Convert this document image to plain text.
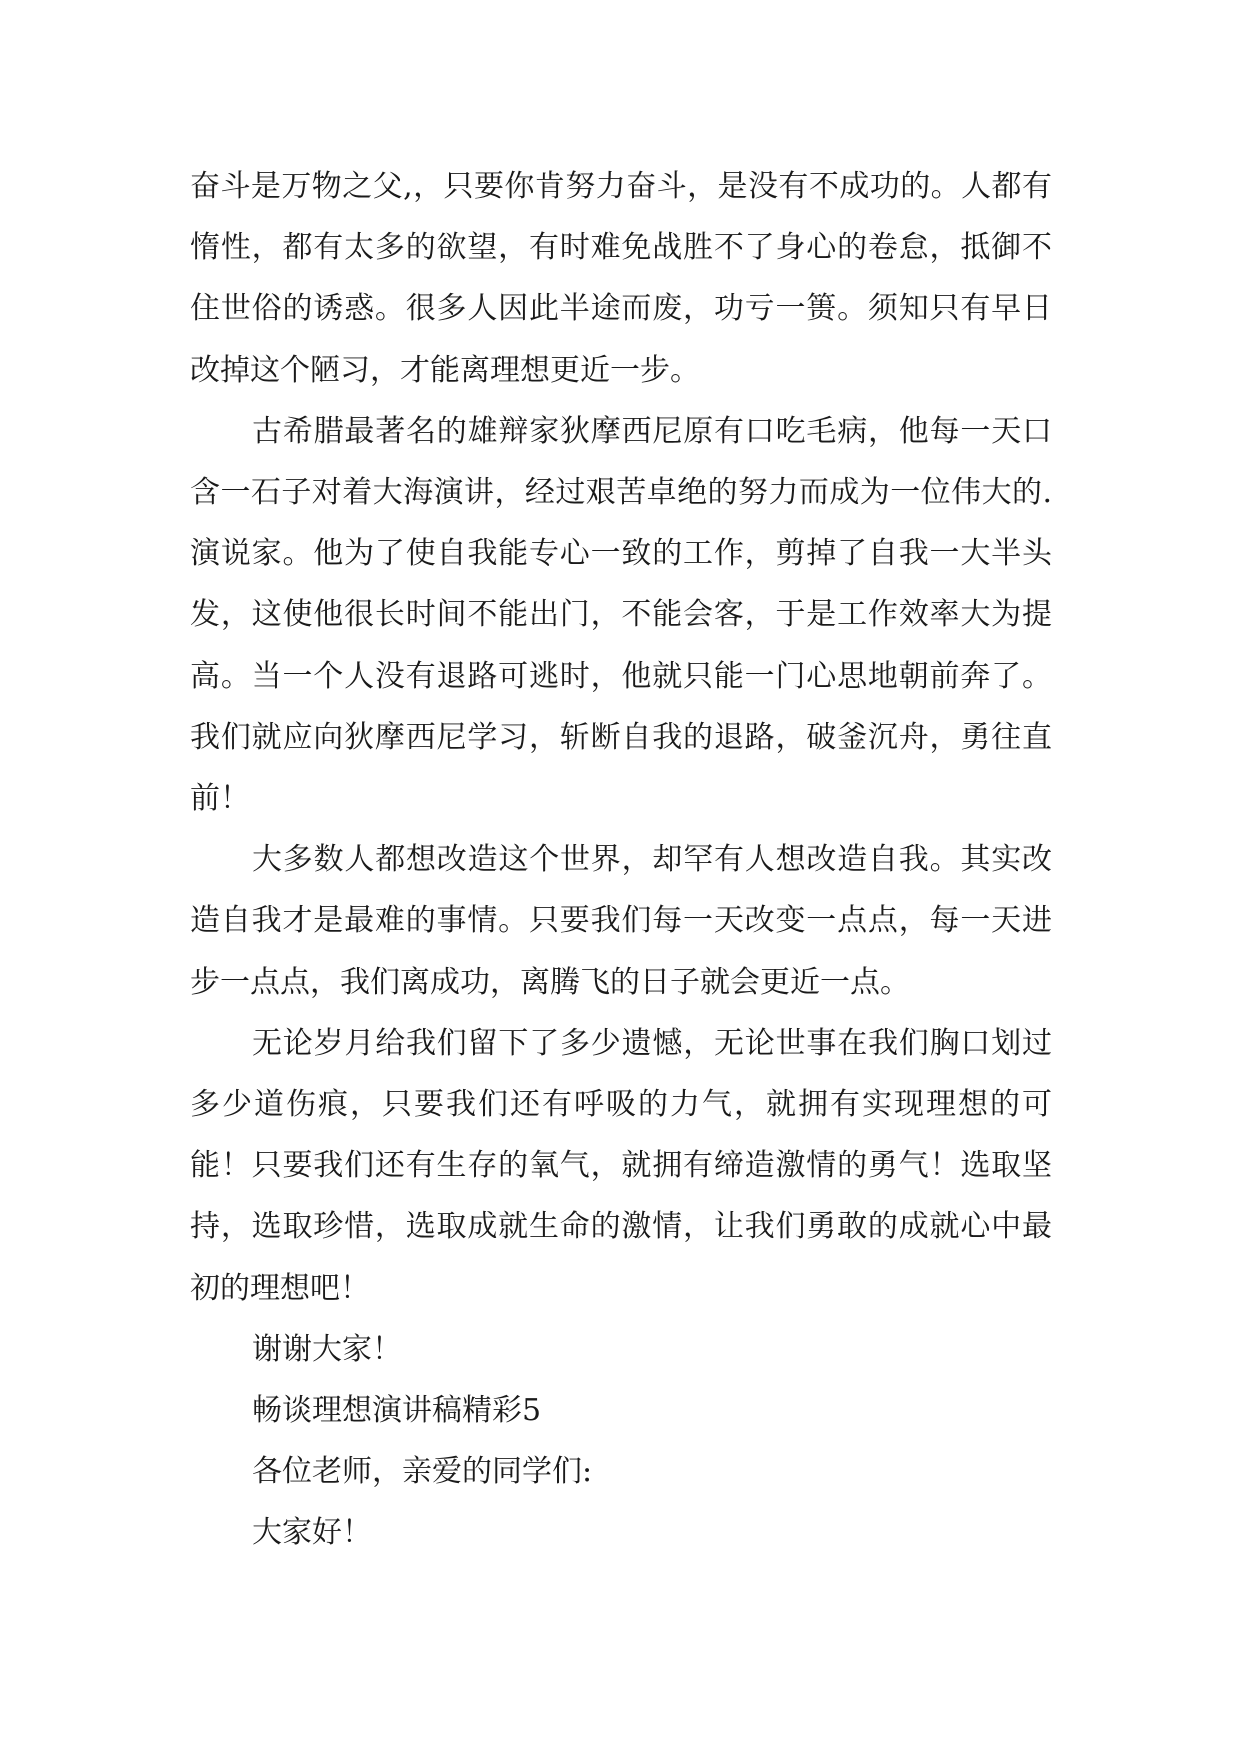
奋斗是万物之父,，只要你肯努力奋斗，是没有不成功的。人都有惰性，都有太多的欲望，有时难免战胜不了身心的卷怠，抵御不住世俗的诱惑。很多人因此半途而废，功亏一篑。须知只有早日改掉这个陋习，才能离理想更近一步。

古希腊最著名的雄辩家狄摩西尼原有口吃毛病，他每一天口含一石子对着大海演讲，经过艰苦卓绝的努力而成为一位伟大的.演说家。他为了使自我能专心一致的工作，剪掉了自我一大半头发，这使他很长时间不能出门，不能会客，于是工作效率大为提高。当一个人没有退路可逃时，他就只能一门心思地朝前奔了。我们就应向狄摩西尼学习，斩断自我的退路，破釜沉舟，勇往直前！

大多数人都想改造这个世界，却罕有人想改造自我。其实改造自我才是最难的事情。只要我们每一天改变一点点，每一天进步一点点，我们离成功，离腾飞的日子就会更近一点。

无论岁月给我们留下了多少遗憾，无论世事在我们胸口划过多少道伤痕，只要我们还有呼吸的力气，就拥有实现理想的可能！只要我们还有生存的氧气，就拥有缔造激情的勇气！选取坚持，选取珍惜，选取成就生命的激情，让我们勇敢的成就心中最初的理想吧！

谢谢大家！

畅谈理想演讲稿精彩5

各位老师，亲爱的同学们:

大家好！
